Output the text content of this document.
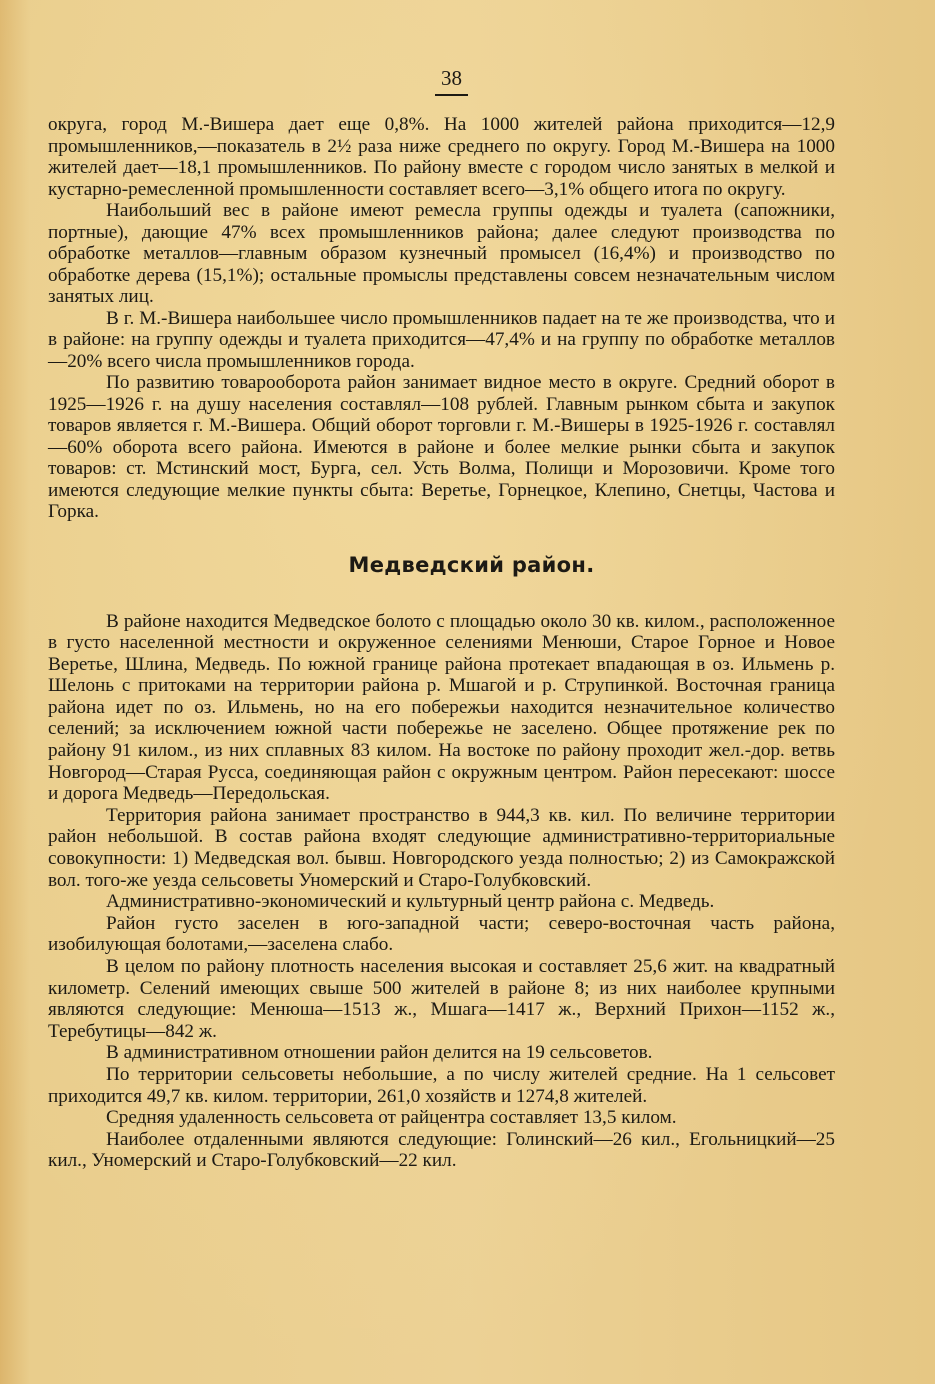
38

округа, город М.-Вишера дает еще 0,8%. На 1000 жителей района приходится—12,9 промышленников,—показатель в 2½ раза ниже среднего по округу. Город М.-Вишера на 1000 жителей дает—18,1 промышленников. По району вместе с городом число занятых в мелкой и кустарно-ремесленной промышленности составляет всего—3,1% общего итога по округу.

Наибольший вес в районе имеют ремесла группы одежды и туалета (сапожники, портные), дающие 47% всех промышленников района; далее следуют производства по обработке металлов—главным образом кузнечный промысел (16,4%) и производство по обработке дерева (15,1%); остальные промыслы представлены совсем незначательным числом занятых лиц.

В г. М.-Вишера наибольшее число промышленников падает на те же производства, что и в районе: на группу одежды и туалета приходится—47,4% и на группу по обработке металлов—20% всего числа промышленников города.

По развитию товарооборота район занимает видное место в округе. Средний оборот в 1925—1926 г. на душу населения составлял—108 рублей. Главным рынком сбыта и закупок товаров является г. М.-Вишера. Общий оборот торговли г. М.-Вишеры в 1925-1926 г. составлял—60% оборота всего района. Имеются в районе и более мелкие рынки сбыта и закупок товаров: ст. Мстинский мост, Бурга, сел. Усть Волма, Полищи и Морозовичи. Кроме того имеются следующие мелкие пункты сбыта: Веретье, Горнецкое, Клепино, Снетцы, Частова и Горка.

Медведский район.

В районе находится Медведское болото с площадью около 30 кв. килом., расположенное в густо населенной местности и окруженное селениями Менюши, Старое Горное и Новое Веретье, Шлина, Медведь. По южной границе района протекает впадающая в оз. Ильмень р. Шелонь с притоками на территории района р. Мшагой и р. Струпинкой. Восточная граница района идет по оз. Ильмень, но на его побережьи находится незначительное количество селений; за исключением южной части побережье не заселено. Общее протяжение рек по району 91 килом., из них сплавных 83 килом. На востоке по району проходит жел.-дор. ветвь Новгород—Старая Русса, соединяющая район с окружным центром. Район пересекают: шоссе и дорога Медведь—Передольская.

Территория района занимает пространство в 944,3 кв. кил. По величине территории район небольшой. В состав района входят следующие административно-территориальные совокупности: 1) Медведская вол. бывш. Новгородского уезда полностью; 2) из Самокражской вол. того-же уезда сельсоветы Уномерский и Старо-Голубковский.

Административно-экономический и культурный центр района с. Медведь.

Район густо заселен в юго-западной части; северо-восточная часть района, изобилующая болотами,—заселена слабо.

В целом по району плотность населения высокая и составляет 25,6 жит. на квадратный километр. Селений имеющих свыше 500 жителей в районе 8; из них наиболее крупными являются следующие: Менюша—1513 ж., Мшага—1417 ж., Верхний Прихон—1152 ж., Теребутицы—842 ж.

В административном отношении район делится на 19 сельсоветов.

По территории сельсоветы небольшие, а по числу жителей средние. На 1 сельсовет приходится 49,7 кв. килом. территории, 261,0 хозяйств и 1274,8 жителей.

Средняя удаленность сельсовета от райцентра составляет 13,5 килом.

Наиболее отдаленными являются следующие: Голинский—26 кил., Егольницкий—25 кил., Уномерский и Старо-Голубковский—22 кил.
